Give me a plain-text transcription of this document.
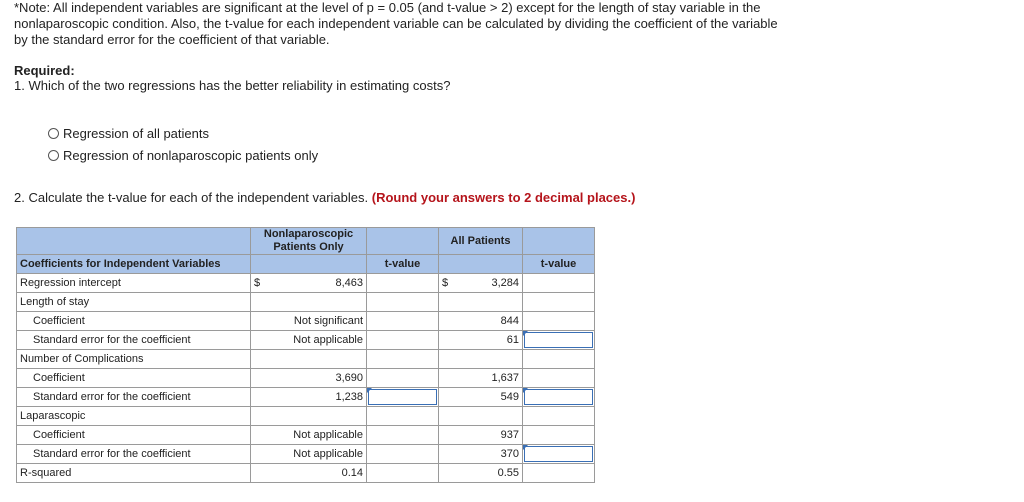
*Note: All independent variables are significant at the level of p = 0.05 (and t-value > 2) except for the length of stay variable in the
nonlaparoscopic condition. Also, the t-value for each independent variable can be calculated by dividing the coefficient of the variable
by the standard error for the coefficient of that variable.
Required:
1. Which of the two regressions has the better reliability in estimating costs?
Regression of all patients
Regression of nonlaparoscopic patients only
2. Calculate the t-value for each of the independent variables. (Round your answers to 2 decimal places.)
	Nonlaparoscopic Patients Only		All Patients	
Coefficients for Independent Variables		t-value		t-value
Regression intercept	$ 8,463		$ 3,284	

Length of stay				
Coefficient	Not significant		844	
Standard error for the coefficient	Not applicable		61	

Number of Complications				
Coefficient	3,690		1,637	
Standard error for the coefficient	1,238		549	

Laparascopic				
Coefficient	Not applicable		937	
Standard error for the coefficient	Not applicable		370	

R-squared	0.14		0.55	
